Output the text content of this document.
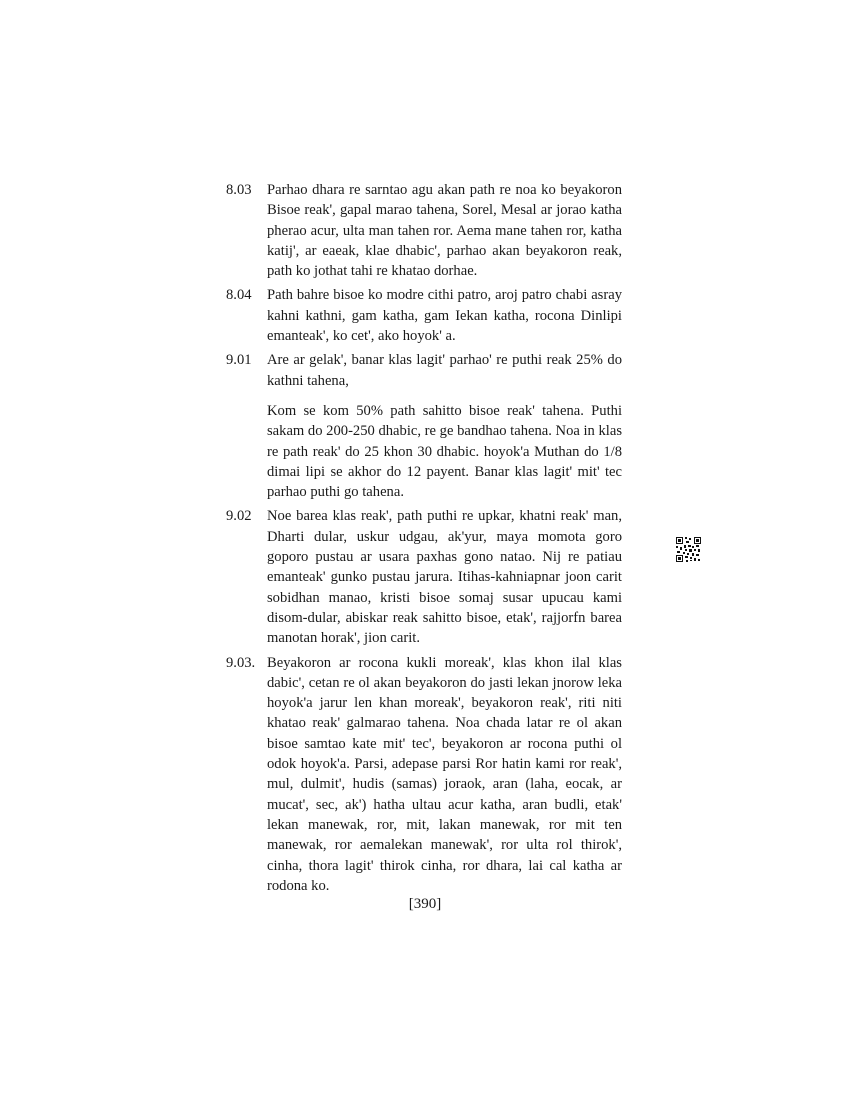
8.03	Parhao dhara re sarntao agu akan path re noa ko beyakoron Bisoe reak', gapal marao tahena, Sorel, Mesal ar jorao katha pherao acur, ulta man tahen ror. Aema mane tahen ror, katha katij', ar eaeak, klae dhabic', parhao akan beyakoron reak, path ko jothat tahi re khatao dorhae.

8.04	Path bahre bisoe ko modre cithi patro, aroj patro chabi asray kahni kathni, gam katha, gam Iekan katha, rocona Dinlipi emanteak', ko cet', ako hoyok' a.

9.01	Are ar gelak', banar klas lagit' parhao' re puthi reak 25% do kathni tahena,

Kom se kom 50% path sahitto bisoe reak' tahena. Puthi sakam do 200-250 dhabic, re ge bandhao tahena. Noa in klas re path reak' do 25 khon 30 dhabic. hoyok'a Muthan do 1/8 dimai lipi se akhor do 12 payent. Banar klas lagit' mit' tec parhao puthi go tahena.

9.02	Noe barea klas reak', path puthi re upkar, khatni reak' man, Dharti dular, uskur udgau, ak'yur, maya momota goro goporo pustau ar usara paxhas gono natao. Nij re patiau emanteak' gunko pustau jarura. Itihas-kahniapnar joon carit sobidhan manao, kristi bisoe somaj susar upucau kami disom-dular, abiskar reak sahitto bisoe, etak', rajjorfn barea manotan horak', jion carit.

9.03. Beyakoron ar rocona kukli moreak', klas khon ilal klas dabic', cetan re ol akan beyakoron do jasti lekan jnorow leka hoyok'a jarur len khan moreak', beyakoron reak', riti niti khatao reak' galmarao tahena. Noa chada latar re ol akan bisoe samtao kate mit' tec', beyakoron ar rocona puthi ol odok hoyok'a. Parsi, adepase parsi Ror hatin kami ror reak', mul, dulmit', hudis (samas) joraok, aran (laha, eocak, ar mucat', sec, ak') hatha ultau acur katha, aran budli, etak' lekan manewak, ror, mit, lakan manewak, ror mit ten manewak, ror aemalekan manewak', ror ulta rol thirok', cinha, thora lagit' thirok cinha, ror dhara, lai cal katha ar rodona ko.

[390]
